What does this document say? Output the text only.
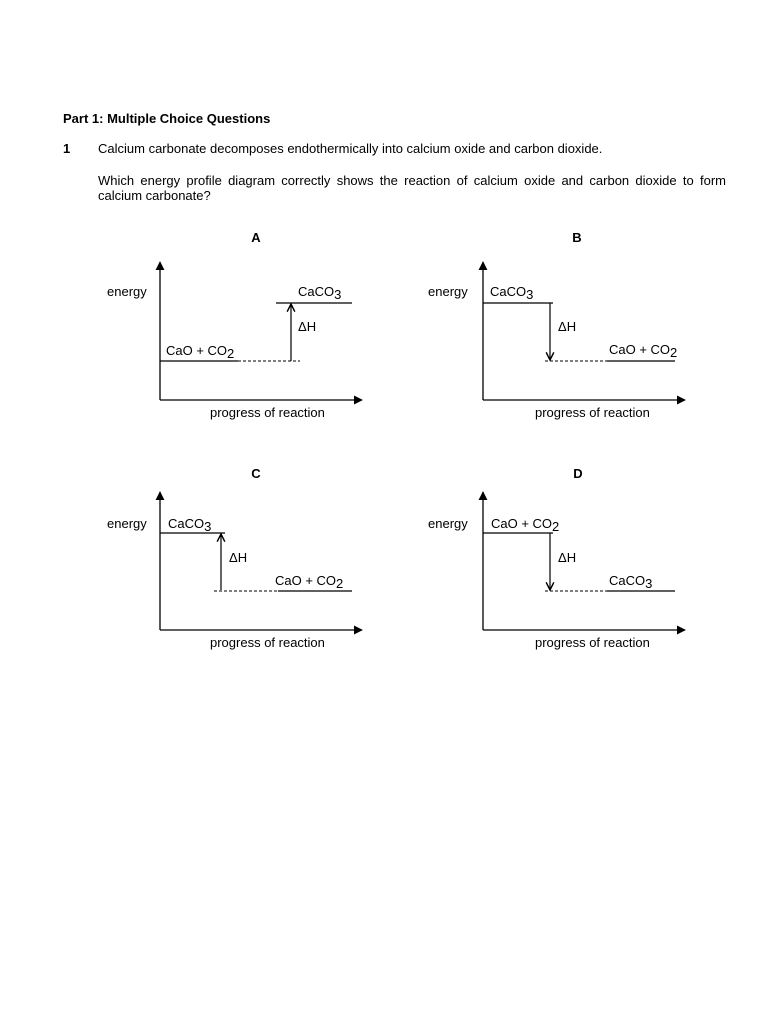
Part 1: Multiple Choice Questions
1 Calcium carbonate decomposes endothermically into calcium oxide and carbon dioxide.

Which energy profile diagram correctly shows the reaction of calcium oxide and carbon dioxide to form calcium carbonate?

A
energy
progress of reaction
CaO + CO2
ΔH
CaCO3
B
energy
progress of reaction
CaCO3
ΔH
CaO + CO2
C
energy
progress of reaction
CaCO3
ΔH
CaO + CO2
D
energy
progress of reaction
CaO + CO2
ΔH
CaCO3
